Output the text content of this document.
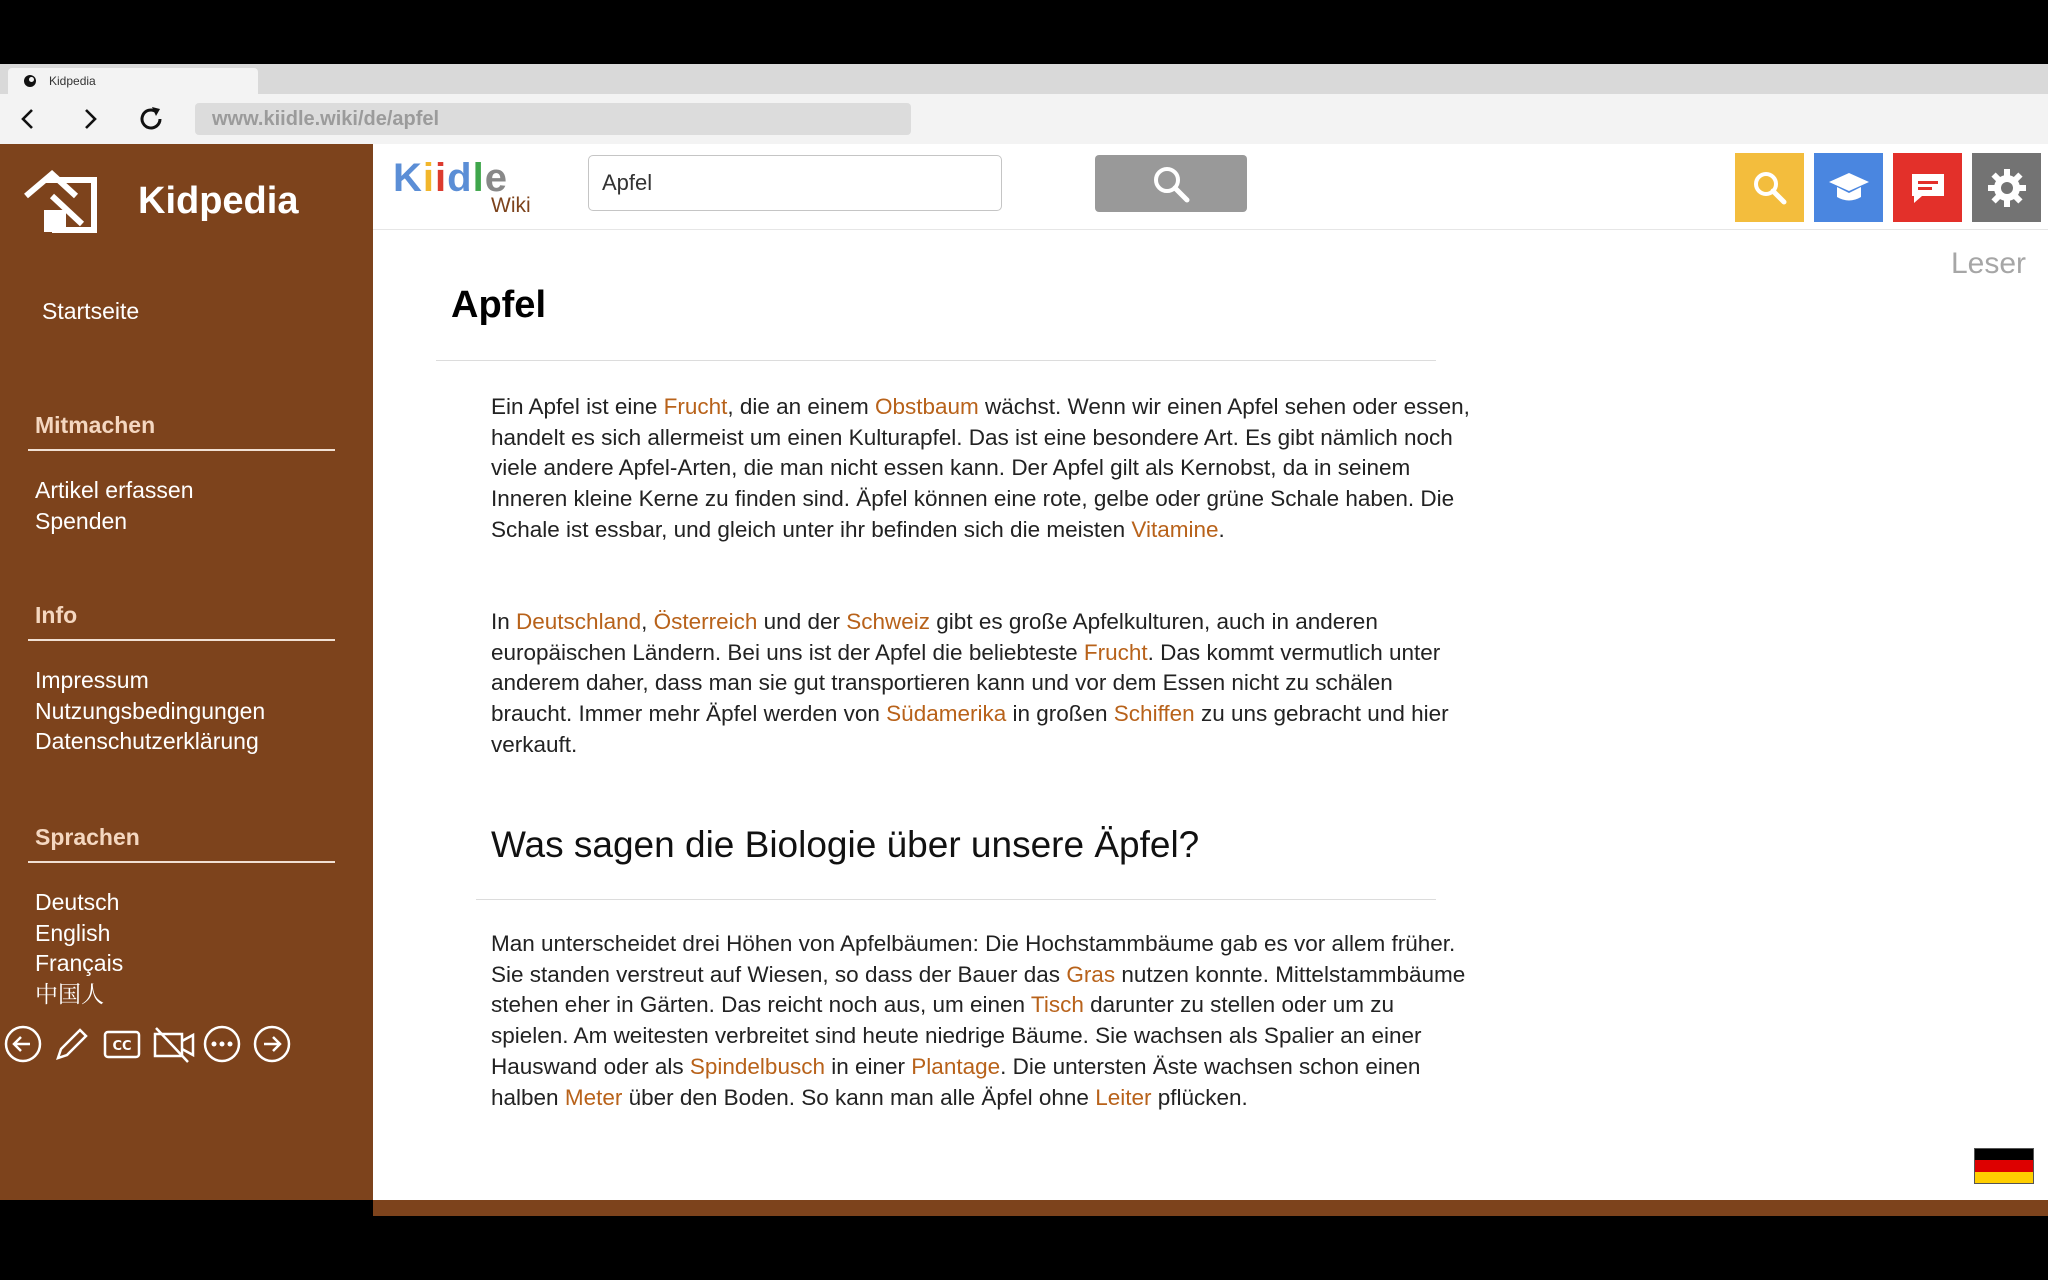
Kidpedia
www.kiidle.wiki/de/apfel
Kidpedia
Startseite
Mitmachen
Artikel erfassen
Spenden
Info
Impressum
Nutzungsbedingungen
Datenschutzerklärung
Sprachen
Deutsch
English
Français
中国人
Kiidle
Wiki
Apfel
Leser
Apfel
Ein Apfel ist eine Frucht, die an einem Obstbaum wächst. Wenn wir einen Apfel sehen oder essen, handelt es sich allermeist um einen Kulturapfel. Das ist eine besondere Art. Es gibt nämlich noch viele andere Apfel-Arten, die man nicht essen kann. Der Apfel gilt als Kernobst, da in seinem Inneren kleine Kerne zu finden sind. Äpfel können eine rote, gelbe oder grüne Schale haben. Die Schale ist essbar, und gleich unter ihr befinden sich die meisten Vitamine.
In Deutschland, Österreich und der Schweiz gibt es große Apfelkulturen, auch in anderen europäischen Ländern. Bei uns ist der Apfel die beliebteste Frucht. Das kommt vermutlich unter anderem daher, dass man sie gut transportieren kann und vor dem Essen nicht zu schälen braucht. Immer mehr Äpfel werden von Südamerika in großen Schiffen zu uns gebracht und hier verkauft.
Was sagen die Biologie über unsere Äpfel?
Man unterscheidet drei Höhen von Apfelbäumen: Die Hochstammbäume gab es vor allem früher. Sie standen verstreut auf Wiesen, so dass der Bauer das Gras nutzen konnte. Mittelstammbäume stehen eher in Gärten. Das reicht noch aus, um einen Tisch darunter zu stellen oder um zu spielen. Am weitesten verbreitet sind heute niedrige Bäume. Sie wachsen als Spalier an einer Hauswand oder als Spindelbusch in einer Plantage. Die untersten Äste wachsen schon einen halben Meter über den Boden. So kann man alle Äpfel ohne Leiter pflücken.
CC
